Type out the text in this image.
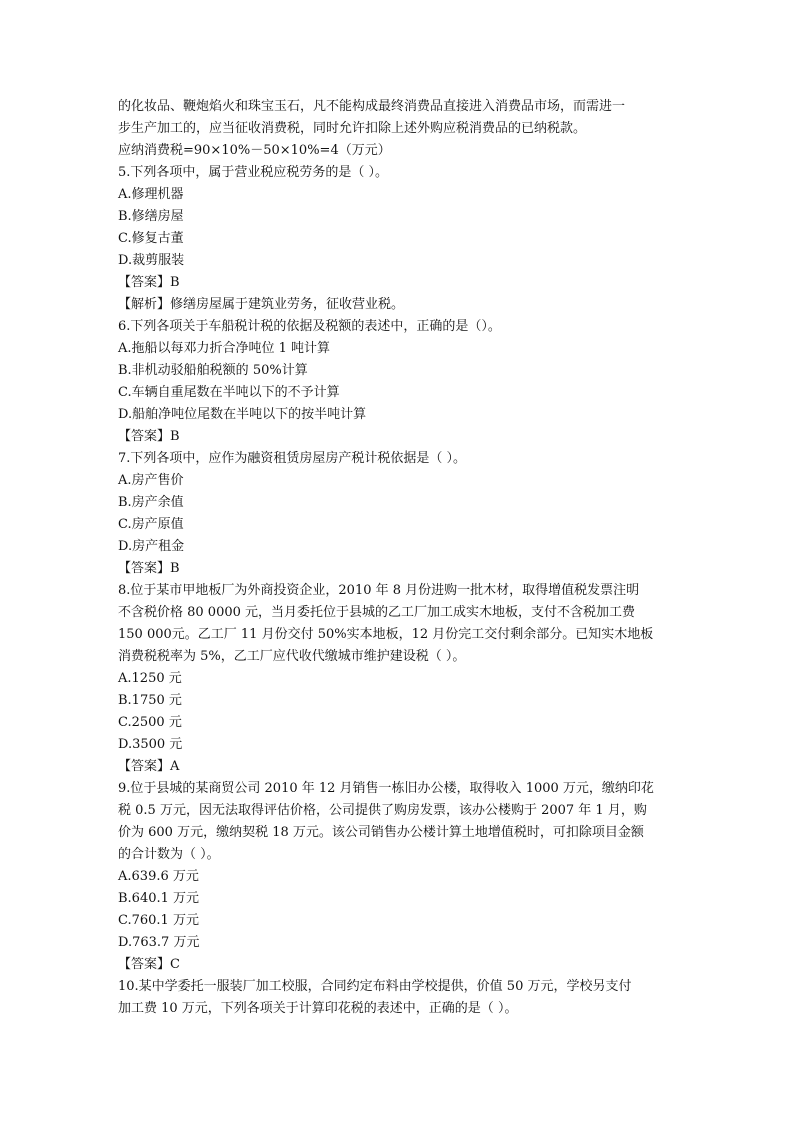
的化妆品、鞭炮焰火和珠宝玉石，凡不能构成最终消费品直接进入消费品市场，而需进一
步生产加工的，应当征收消费税，同时允许扣除上述外购应税消费品的已纳税款。
应纳消费税=90×10%－50×10%=4（万元）
5.下列各项中，属于营业税应税劳务的是（ ）。
A.修理机器
B.修缮房屋
C.修复古董
D.裁剪服装
【答案】B
【解析】修缮房屋属于建筑业劳务，征收营业税。
6.下列各项关于车船税计税的依据及税额的表述中，正确的是（）。
A.拖船以每邓力折合净吨位 1 吨计算
B.非机动驳船舶税额的 50%计算
C.车辆自重尾数在半吨以下的不予计算
D.船舶净吨位尾数在半吨以下的按半吨计算
【答案】B
7.下列各项中，应作为融资租赁房屋房产税计税依据是（ ）。
A.房产售价
B.房产余值
C.房产原值
D.房产租金
【答案】B
8.位于某市甲地板厂为外商投资企业，2010 年 8 月份进购一批木材，取得增值税发票注明
不含税价格 80 0000 元，当月委托位于县城的乙工厂加工成实木地板，支付不含税加工费
150 000元。乙工厂 11 月份交付 50%实本地板，12 月份完工交付剩余部分。已知实木地板
消费税税率为 5%，乙工厂应代收代缴城市维护建设税（ ）。
A.1250 元
B.1750 元
C.2500 元
D.3500 元
【答案】A
9.位于县城的某商贸公司 2010 年 12 月销售一栋旧办公楼，取得收入 1000 万元，缴纳印花
税 0.5 万元，因无法取得评估价格，公司提供了购房发票，该办公楼购于 2007 年 1 月，购
价为 600 万元，缴纳契税 18 万元。该公司销售办公楼计算土地增值税时，可扣除项目金额
的合计数为（ ）。
A.639.6 万元
B.640.1 万元
C.760.1 万元
D.763.7 万元
【答案】C
10.某中学委托一服装厂加工校服，合同约定布料由学校提供，价值 50 万元，学校另支付
加工费 10 万元，下列各项关于计算印花税的表述中，正确的是（ ）。
